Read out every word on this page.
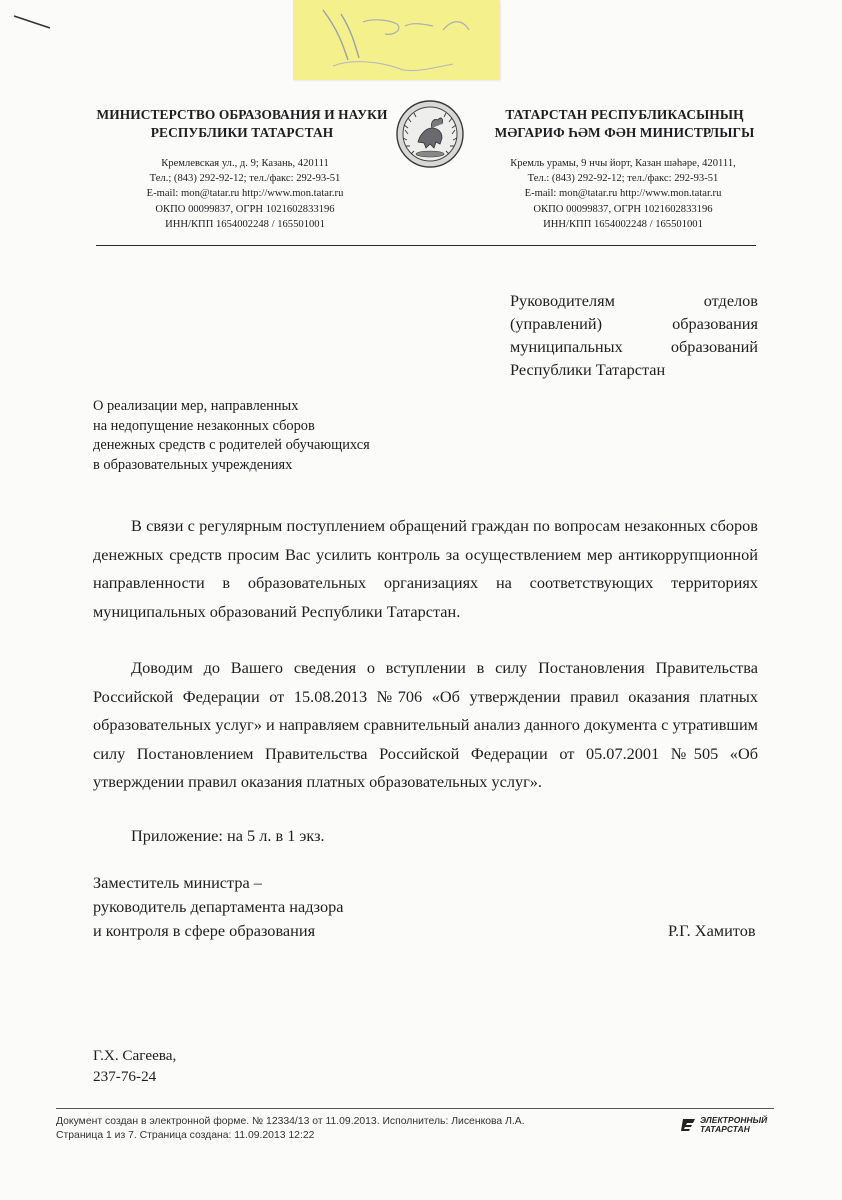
МИНИСТЕРСТВО ОБРАЗОВАНИЯ И НАУКИ
РЕСПУБЛИКИ ТАТАРСТАН
Кремлевская ул., д. 9; Казань, 420111
Тел.; (843) 292-92-12; тел./факс: 292-93-51
E-mail: mon@tatar.ru http://www.mon.tatar.ru
ОКПО 00099837, ОГРН 1021602833196
ИНН/КПП 1654002248 / 165501001
ТАТАРСТАН РЕСПУБЛИКАСЫНЫҢ
МӘГАРИФ ҺӘМ ФӘН МИНИСТРЛЫГЫ
Кремль урамы, 9 нчы йорт, Казан шәһәре, 420111,
Тел.: (843) 292-92-12; тел./факс: 292-93-51
E-mail: mon@tatar.ru http://www.mon.tatar.ru
ОКПО 00099837, ОГРН 1021602833196
ИНН/КПП 1654002248 / 165501001
Руководителям отделов
(управлений) образования
муниципальных образований
Республики Татарстан
О реализации мер, направленных
на недопущение незаконных сборов
денежных средств с родителей обучающихся
в образовательных учреждениях
В связи с регулярным поступлением обращений граждан по вопросам незаконных сборов денежных средств просим Вас усилить контроль за осуществлением мер антикоррупционной направленности в образовательных организациях на соответствующих территориях муниципальных образований Республики Татарстан.
Доводим до Вашего сведения о вступлении в силу Постановления Правительства Российской Федерации от 15.08.2013 №706 «Об утверждении правил оказания платных образовательных услуг» и направляем сравнительный анализ данного документа с утратившим силу Постановлением Правительства Российской Федерации от 05.07.2001 №505 «Об утверждении правил оказания платных образовательных услуг».
Приложение: на 5 л. в 1 экз.
Заместитель министра –
руководитель департамента надзора
и контроля в сфере образования	Р.Г. Хамитов
Г.Х. Сагеева,
237-76-24
Документ создан в электронной форме. № 12334/13 от 11.09.2013. Исполнитель: Лисенкова Л.А.
Страница 1 из 7. Страница создана: 11.09.2013 12:22
ЭЛЕКТРОННЫЙ
ТАТАРСТАН
